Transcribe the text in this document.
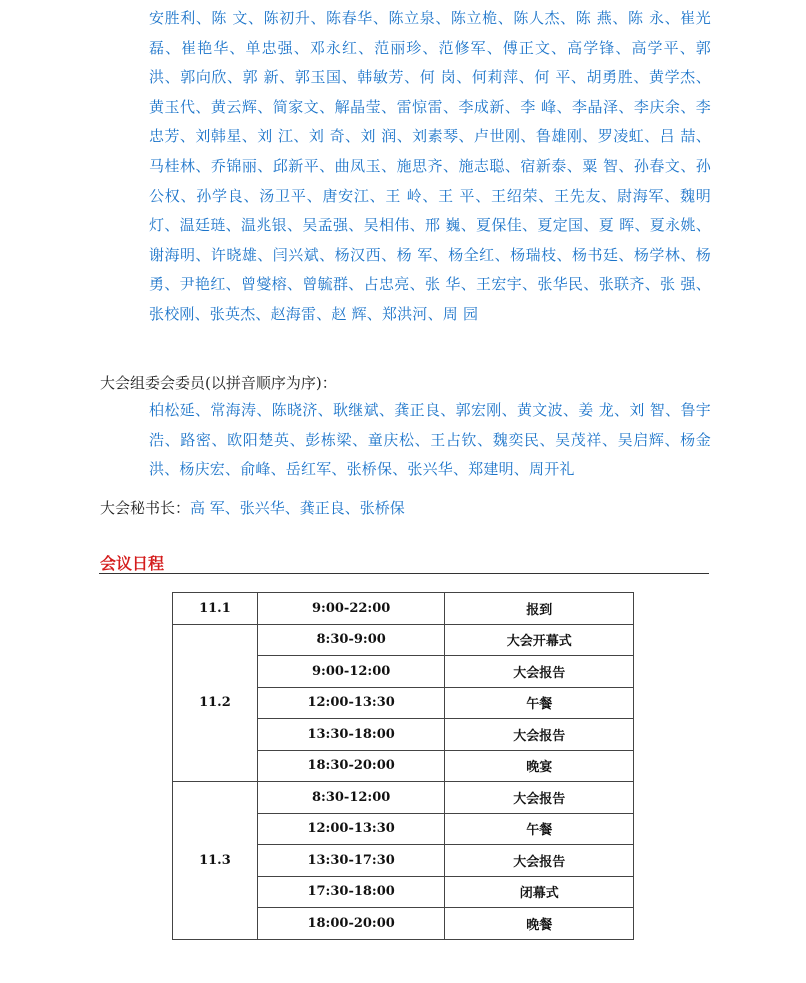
安胜利、陈 文、陈初升、陈春华、陈立泉、陈立桅、陈人杰、陈 燕、陈 永、崔光磊、崔艳华、单忠强、邓永红、范丽珍、范修军、傅正文、高学锋、高学平、郭 洪、郭向欣、郭 新、郭玉国、韩敏芳、何 岗、何莉萍、何 平、胡勇胜、黄学杰、黄玉代、黄云辉、简家文、解晶莹、雷惊雷、李成新、李 峰、李晶泽、李庆余、李忠芳、刘韩星、刘 江、刘 奇、刘 润、刘素琴、卢世刚、鲁雄刚、罗凌虹、吕 喆、马桂林、乔锦丽、邱新平、曲凤玉、施思齐、施志聪、宿新泰、粟 智、孙春文、孙公权、孙学良、汤卫平、唐安江、王 岭、王 平、王绍荣、王先友、尉海军、魏明灯、温廷琏、温兆银、吴孟强、吴相伟、邢 巍、夏保佳、夏定国、夏 晖、夏永姚、谢海明、许晓雄、闫兴斌、杨汉西、杨 军、杨全红、杨瑞枝、杨书廷、杨学林、杨 勇、尹艳红、曾燮榕、曾毓群、占忠亮、张 华、王宏宇、张华民、张联齐、张 强、张校刚、张英杰、赵海雷、赵 辉、郑洪河、周 园
大会组委会委员(以拼音顺序为序)：
柏松延、常海涛、陈晓济、耿继斌、龚正良、郭宏刚、黄文波、姜 龙、刘 智、鲁宇浩、路密、欧阳楚英、彭栋梁、童庆松、王占钦、魏奕民、吴茂祥、吴启辉、杨金洪、杨庆宏、俞峰、岳红军、张桥保、张兴华、郑建明、周开礼
大会秘书长：高 军、张兴华、龚正良、张桥保
会议日程
11.1	9:00-22:00	报到
11.2	8:30-9:00	大会开幕式
	9:00-12:00	大会报告
	12:00-13:30	午餐
	13:30-18:00	大会报告
	18:30-20:00	晚宴
11.3	8:30-12:00	大会报告
	12:00-13:30	午餐
	13:30-17:30	大会报告
	17:30-18:00	闭幕式
	18:00-20:00	晚餐
